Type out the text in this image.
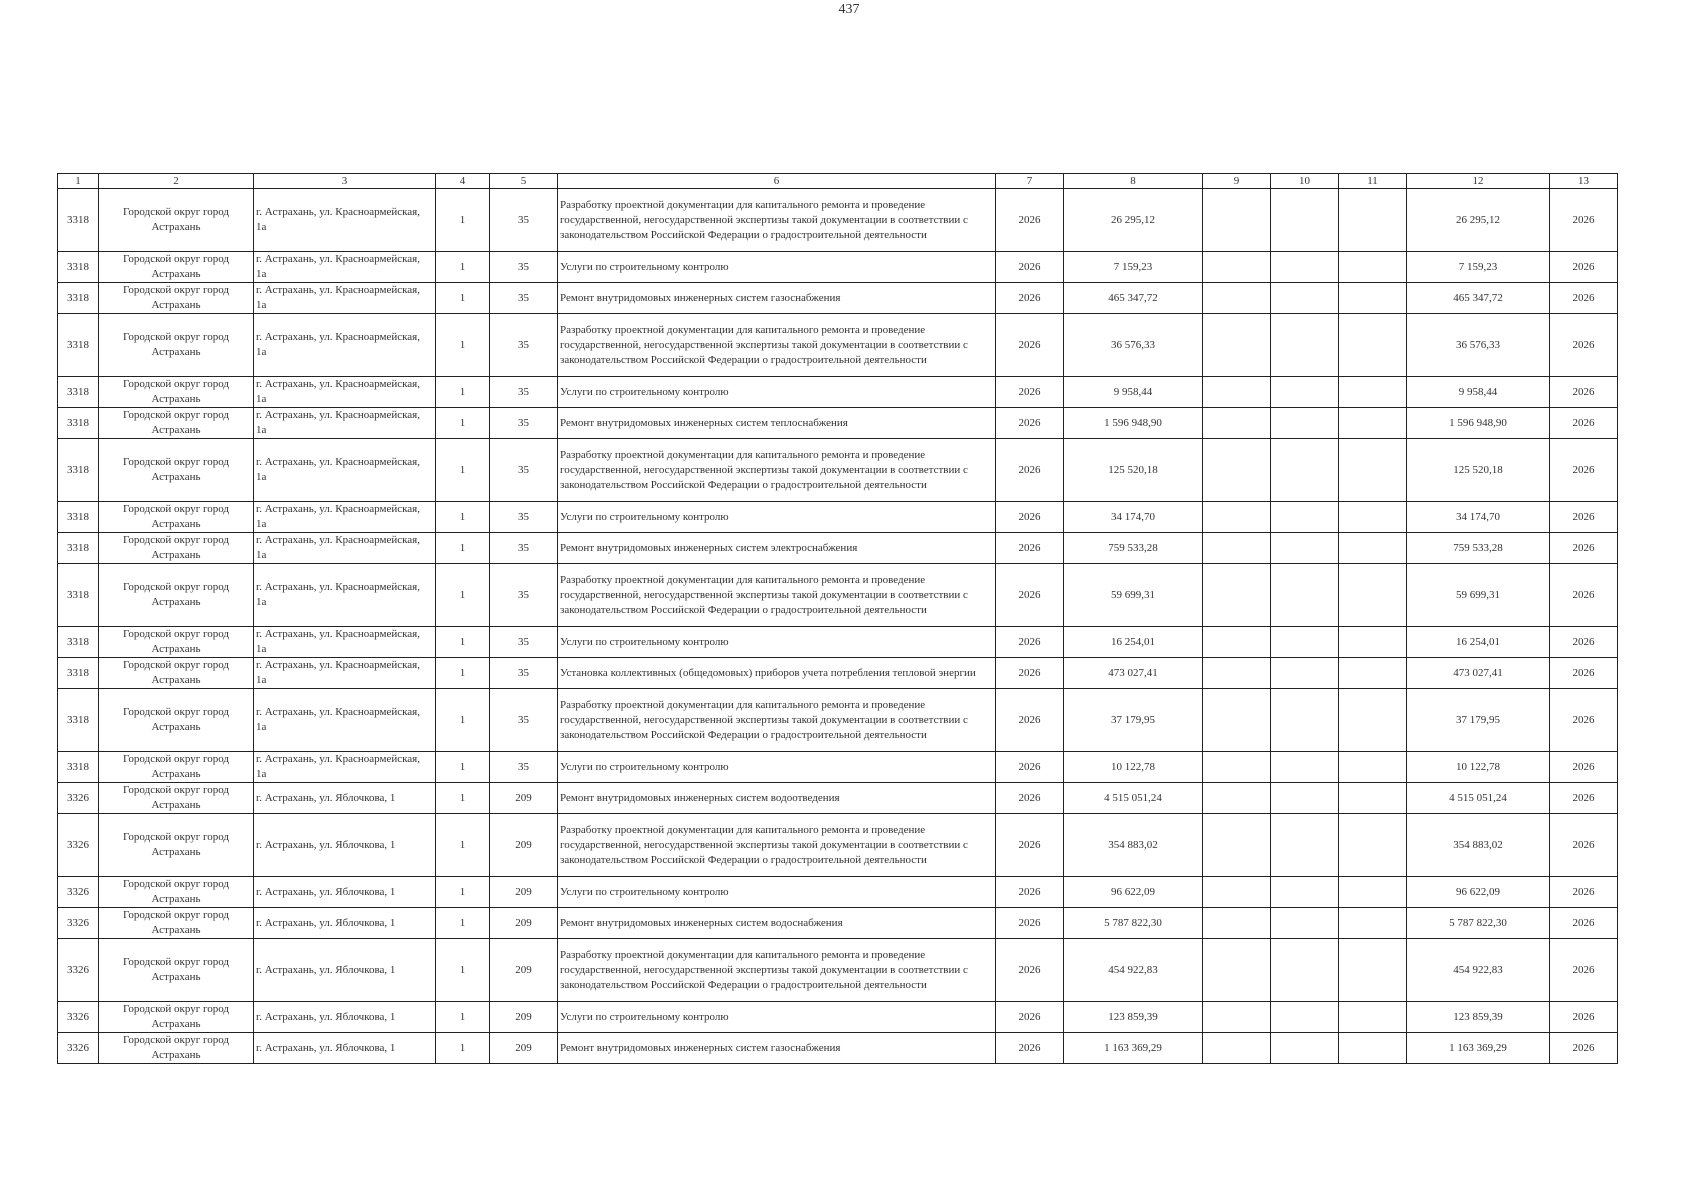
437
1	2	3	4	5	6	7	8	9	10	11	12	13
3318	Городской округ город Астрахань	г. Астрахань, ул. Красноармейская, 1а	1	35	Разработку проектной документации для капитального ремонта и проведение государственной, негосударственной экспертизы такой документации в соответствии с законодательством Российской Федерации о градостроительной деятельности	2026	26 295,12				26 295,12	2026
3318	Городской округ город Астрахань	г. Астрахань, ул. Красноармейская, 1а	1	35	Услуги по строительному контролю	2026	7 159,23				7 159,23	2026
3318	Городской округ город Астрахань	г. Астрахань, ул. Красноармейская, 1а	1	35	Ремонт внутридомовых инженерных систем газоснабжения	2026	465 347,72				465 347,72	2026
3318	Городской округ город Астрахань	г. Астрахань, ул. Красноармейская, 1а	1	35	Разработку проектной документации для капитального ремонта и проведение государственной, негосударственной экспертизы такой документации в соответствии с законодательством Российской Федерации о градостроительной деятельности	2026	36 576,33				36 576,33	2026
3318	Городской округ город Астрахань	г. Астрахань, ул. Красноармейская, 1а	1	35	Услуги по строительному контролю	2026	9 958,44				9 958,44	2026
3318	Городской округ город Астрахань	г. Астрахань, ул. Красноармейская, 1а	1	35	Ремонт внутридомовых инженерных систем теплоснабжения	2026	1 596 948,90				1 596 948,90	2026
3318	Городской округ город Астрахань	г. Астрахань, ул. Красноармейская, 1а	1	35	Разработку проектной документации для капитального ремонта и проведение государственной, негосударственной экспертизы такой документации в соответствии с законодательством Российской Федерации о градостроительной деятельности	2026	125 520,18				125 520,18	2026
3318	Городской округ город Астрахань	г. Астрахань, ул. Красноармейская, 1а	1	35	Услуги по строительному контролю	2026	34 174,70				34 174,70	2026
3318	Городской округ город Астрахань	г. Астрахань, ул. Красноармейская, 1а	1	35	Ремонт внутридомовых инженерных систем электроснабжения	2026	759 533,28				759 533,28	2026
3318	Городской округ город Астрахань	г. Астрахань, ул. Красноармейская, 1а	1	35	Разработку проектной документации для капитального ремонта и проведение государственной, негосударственной экспертизы такой документации в соответствии с законодательством Российской Федерации о градостроительной деятельности	2026	59 699,31				59 699,31	2026
3318	Городской округ город Астрахань	г. Астрахань, ул. Красноармейская, 1а	1	35	Услуги по строительному контролю	2026	16 254,01				16 254,01	2026
3318	Городской округ город Астрахань	г. Астрахань, ул. Красноармейская, 1а	1	35	Установка коллективных (общедомовых) приборов учета потребления тепловой энергии	2026	473 027,41				473 027,41	2026
3318	Городской округ город Астрахань	г. Астрахань, ул. Красноармейская, 1а	1	35	Разработку проектной документации для капитального ремонта и проведение государственной, негосударственной экспертизы такой документации в соответствии с законодательством Российской Федерации о градостроительной деятельности	2026	37 179,95				37 179,95	2026
3318	Городской округ город Астрахань	г. Астрахань, ул. Красноармейская, 1а	1	35	Услуги по строительному контролю	2026	10 122,78				10 122,78	2026
3326	Городской округ город Астрахань	г. Астрахань, ул. Яблочкова, 1	1	209	Ремонт внутридомовых инженерных систем водоотведения	2026	4 515 051,24				4 515 051,24	2026
3326	Городской округ город Астрахань	г. Астрахань, ул. Яблочкова, 1	1	209	Разработку проектной документации для капитального ремонта и проведение государственной, негосударственной экспертизы такой документации в соответствии с законодательством Российской Федерации о градостроительной деятельности	2026	354 883,02				354 883,02	2026
3326	Городской округ город Астрахань	г. Астрахань, ул. Яблочкова, 1	1	209	Услуги по строительному контролю	2026	96 622,09				96 622,09	2026
3326	Городской округ город Астрахань	г. Астрахань, ул. Яблочкова, 1	1	209	Ремонт внутридомовых инженерных систем водоснабжения	2026	5 787 822,30				5 787 822,30	2026
3326	Городской округ город Астрахань	г. Астрахань, ул. Яблочкова, 1	1	209	Разработку проектной документации для капитального ремонта и проведение государственной, негосударственной экспертизы такой документации в соответствии с законодательством Российской Федерации о градостроительной деятельности	2026	454 922,83				454 922,83	2026
3326	Городской округ город Астрахань	г. Астрахань, ул. Яблочкова, 1	1	209	Услуги по строительному контролю	2026	123 859,39				123 859,39	2026
3326	Городской округ город Астрахань	г. Астрахань, ул. Яблочкова, 1	1	209	Ремонт внутридомовых инженерных систем газоснабжения	2026	1 163 369,29				1 163 369,29	2026
